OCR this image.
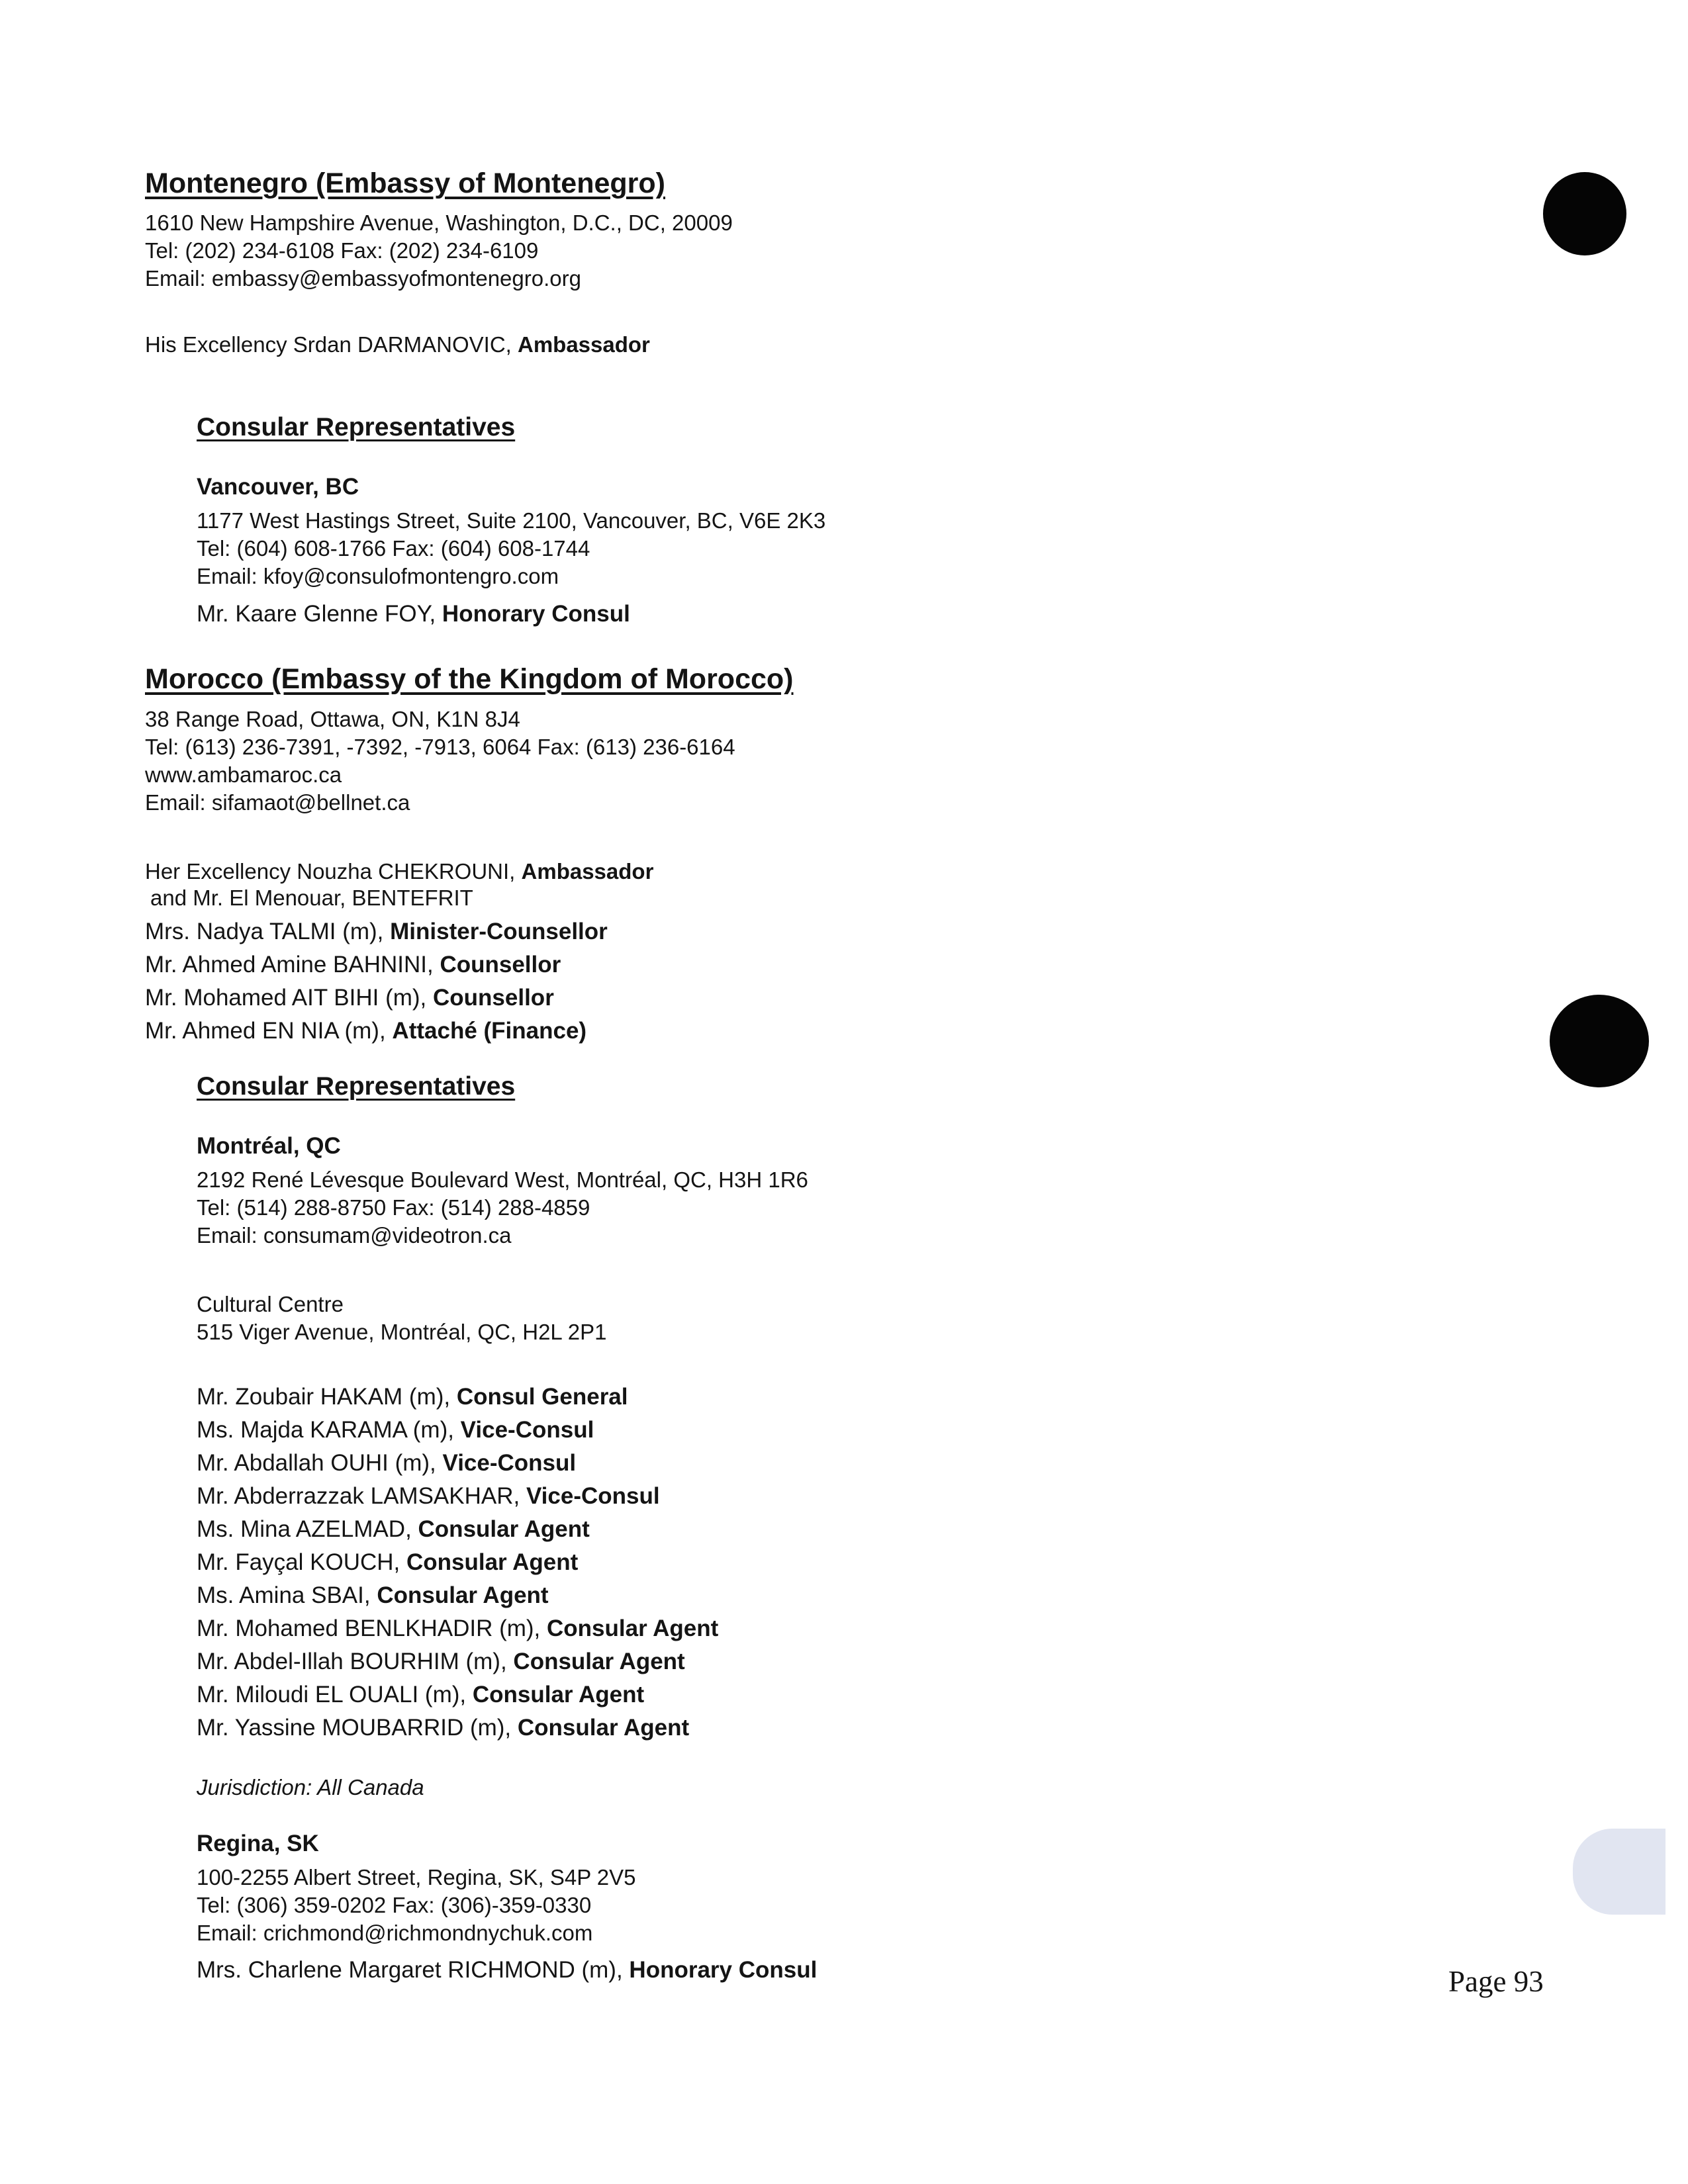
Montenegro (Embassy of Montenegro)
1610 New Hampshire Avenue, Washington, D.C., DC, 20009
Tel: (202) 234-6108 Fax: (202) 234-6109
Email: embassy@embassyofmontenegro.org
His Excellency Srdan DARMANOVIC, Ambassador
Consular Representatives
Vancouver, BC
1177 West Hastings Street, Suite 2100, Vancouver, BC, V6E 2K3
Tel: (604) 608-1766 Fax: (604) 608-1744
Email: kfoy@consulofmontengro.com
Mr. Kaare Glenne FOY, Honorary Consul
Morocco (Embassy of the Kingdom of Morocco)
38 Range Road, Ottawa, ON, K1N 8J4
Tel: (613) 236-7391, -7392, -7913, 6064 Fax: (613) 236-6164
www.ambamaroc.ca
Email: sifamaot@bellnet.ca
Her Excellency Nouzha CHEKROUNI, Ambassador
and Mr. El Menouar, BENTEFRIT
Mrs. Nadya TALMI (m), Minister-Counsellor
Mr. Ahmed Amine BAHNINI, Counsellor
Mr. Mohamed AIT BIHI (m), Counsellor
Mr. Ahmed EN NIA (m), Attaché (Finance)
Consular Representatives
Montréal, QC
2192 René Lévesque Boulevard West, Montréal, QC, H3H 1R6
Tel: (514) 288-8750 Fax: (514) 288-4859
Email: consumam@videotron.ca
Cultural Centre
515 Viger Avenue, Montréal, QC, H2L 2P1
Mr. Zoubair HAKAM (m), Consul General
Ms. Majda KARAMA (m), Vice-Consul
Mr. Abdallah OUHI (m), Vice-Consul
Mr. Abderrazzak LAMSAKHAR, Vice-Consul
Ms. Mina AZELMAD, Consular Agent
Mr. Fayçal KOUCH, Consular Agent
Ms. Amina SBAI, Consular Agent
Mr. Mohamed BENLKHADIR (m), Consular Agent
Mr. Abdel-Illah BOURHIM (m), Consular Agent
Mr. Miloudi EL OUALI (m), Consular Agent
Mr. Yassine MOUBARRID (m), Consular Agent
Jurisdiction: All Canada
Regina, SK
100-2255 Albert Street, Regina, SK, S4P 2V5
Tel: (306) 359-0202 Fax: (306)-359-0330
Email: crichmond@richmondnychuk.com
Mrs. Charlene Margaret RICHMOND (m), Honorary Consul	Page 93
